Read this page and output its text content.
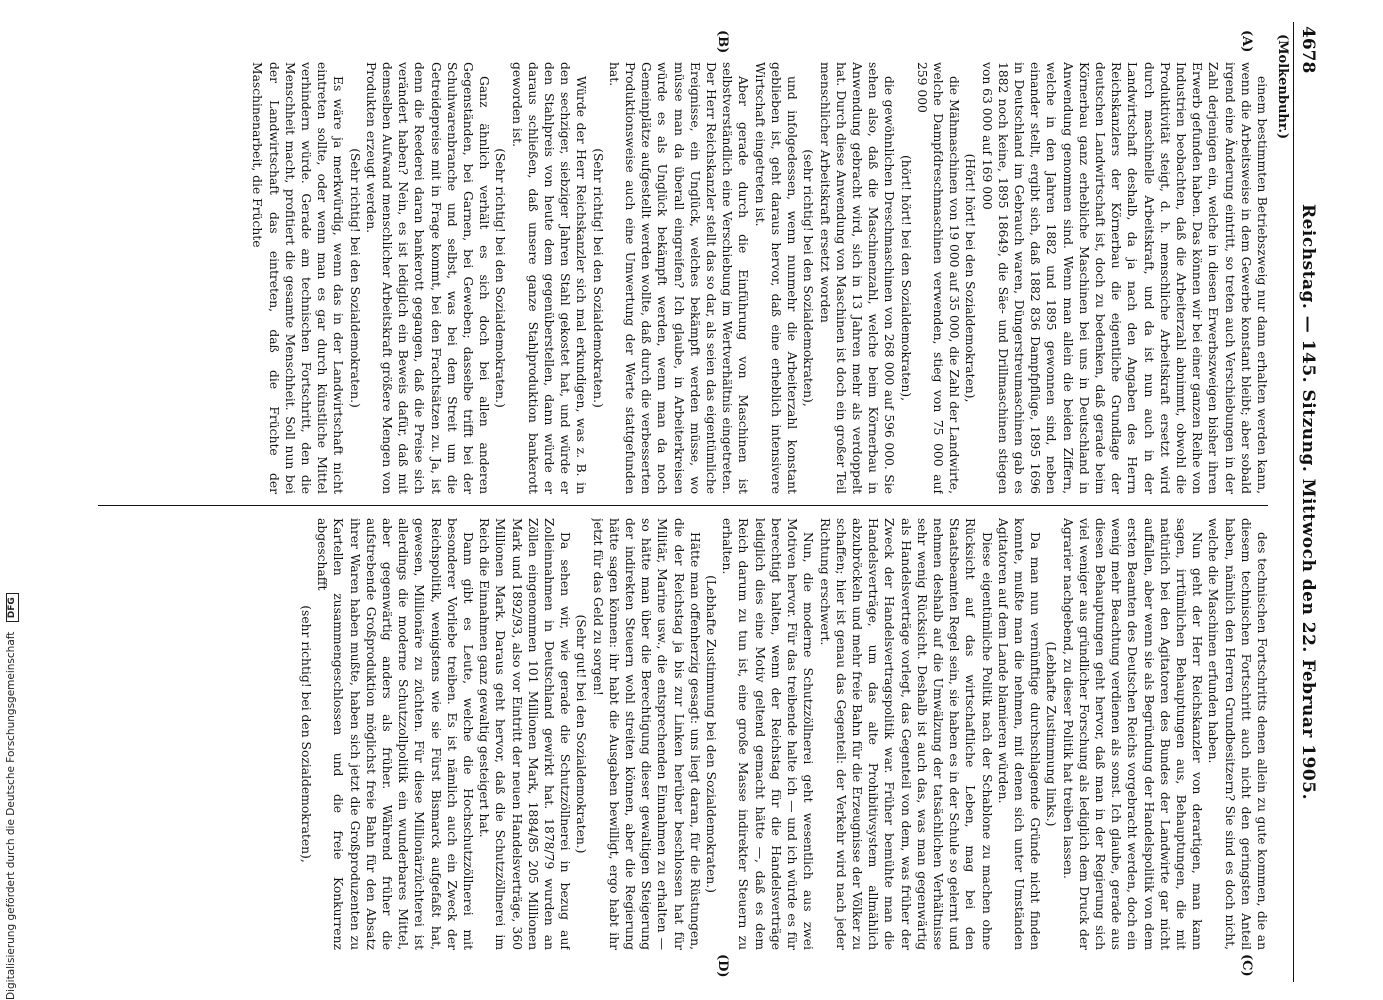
4678
Reichstag. — 145. Sitzung. Mittwoch den 22. Februar 1905.
(Molkenbuhr.)
(A)
(B)
(C)
(D)

einem bestimmten Betriebszweig nur dann erhalten werden kann, wenn die Arbeitsweise in dem Gewerbe konstant bleibt; aber sobald irgend eine Änderung eintritt, so treten auch Verschiebungen in der Zahl derjenigen ein, welche in diesen Erwerbszweigen bisher ihren Erwerb gefunden haben. Das können wir bei einer ganzen Reihe von Industrien beobachten, daß die Arbeiterzahl abnimmt, obwohl die Produktivität steigt, d. h. menschliche Arbeitskraft ersetzt wird durch maschinelle Arbeitskraft, und da ist nun auch in der Landwirtschaft deshalb, da ja nach den Angaben des Herrn Reichskanzlers der Körnerbau die eigentliche Grundlage der deutschen Landwirtschaft ist, doch zu bedenken, daß gerade beim Körnerbau ganz erhebliche Maschinen bei uns in Deutschland in Anwendung genommen sind. Wenn man allein die beiden Ziffern, welche in den Jahren 1882 und 1895 gewonnen sind, neben einander stellt, ergibt sich, daß 1882 836 Dampfpflüge, 1895 1696 in Deutschland im Gebrauch waren, Düngerstreumaschinen gab es 1882 noch keine, 1895 18649, die Säe- und Drillmaschinen stiegen von 63 000 auf 169 000

(Hört! hört! bei den Sozialdemokraten),

die Mähmaschinen von 19 000 auf 35 000, die Zahl der Landwirte, welche Dampfdreschmaschinen verwenden, stieg von 75 000 auf 259 000

(hört! hört! bei den Sozialdemokraten),

die gewöhnlichen Dreschmaschinen von 268 000 auf 596 000. Sie sehen also, daß die Maschinenzahl, welche beim Körnerbau in Anwendung gebracht wird, sich in 13 Jahren mehr als verdoppelt hat. Durch diese Anwendung von Maschinen ist doch ein großer Teil menschlicher Arbeitskraft ersetzt worden

(sehr richtig! bei den Sozialdemokraten),

und infolgedessen, wenn nunmehr die Arbeiterzahl konstant geblieben ist, geht daraus hervor, daß eine erheblich intensivere Wirtschaft eingetreten ist.

Aber gerade durch die Einführung von Maschinen ist selbstverständlich eine Verschiebung im Wertverhältnis eingetreten. Der Herr Reichskanzler stellt das so dar, als seien das eigentümliche Ereignisse, ein Unglück, welches bekämpft werden müsse, wo müsse man da überall eingreifen? Ich glaube, in Arbeiterkreisen würde es als Unglück bekämpft werden, wenn man da noch Gemeinplätze aufgestellt werden wollte, daß durch die verbesserten Produktionsweise auch eine Umwertung der Werte stattgefunden hat.

(Sehr richtig! bei den Sozialdemokraten.)

Würde der Herr Reichskanzler sich mal erkundigen, was z. B. in den sechziger, siebziger Jahren Stahl gekostet hat, und würde er den Stahlpreis von heute dem gegenüberstellen, dann würde er daraus schließen, daß unsere ganze Stahlproduktion bankerott geworden ist.

(Sehr richtig! bei den Sozialdemokraten.)

Ganz ähnlich verhält es sich doch bei allen anderen Gegenständen, bei Garnen, bei Geweben; dasselbe trifft bei der Schuhwarenbranche und selbst, was bei dem Streit um die Getreidepreise mit in Frage kommt, bei den Frachtsätzen zu. Ja, ist denn die Reederei daran bankerott gegangen, daß die Preise sich verändert haben? Nein, es ist lediglich ein Beweis dafür, daß mit demselben Aufwand menschlicher Arbeitskraft größere Mengen von Produkten erzeugt werden.

(Sehr richtig! bei den Sozialdemokraten.)

Es wäre ja merkwürdig, wenn das in der Landwirtschaft nicht eintreten sollte, oder wenn man es gar durch künstliche Mittel verhindern würde. Gerade am technischen Fortschritt, den die Menschheit macht, profitiert die gesamte Menschheit. Soll nun bei der Landwirtschaft das eintreten, daß die Früchte der Maschinenarbeit, die Früchte

des technischen Fortschritts denen allein zu gute kommen, die an diesem technischen Fortschritt auch nicht den geringsten Anteil haben, nämlich den Herren Grundbesitzern? Sie sind es doch nicht, welche die Maschinen erfunden haben.

Nun geht der Herr Reichskanzler von derartigen, man kann sagen, irrtümlichen Behauptungen aus, Behauptungen, die mit natürlich bei den Agitatoren des Bundes der Landwirte gar nicht auffallen, aber wenn sie als Begründung der Handelspolitik von dem ersten Beamten des Deutschen Reichs vorgebracht werden, doch ein wenig mehr Beachtung verdienen als sonst. Ich glaube, gerade aus diesen Behauptungen geht hervor, daß man in der Regierung sich viel weniger aus gründlicher Forschung als lediglich dem Druck der Agrarier nachgebend, zu dieser Politik hat treiben lassen.

(Lebhafte Zustimmung links.)

Da man nun vernünftige durchschlagende Gründe nicht finden konnte, mußte man die nehmen, mit denen sich unter Umständen Agitatoren auf dem Lande blamieren würden.

Diese eigentümliche Politik nach der Schablone zu machen ohne Rücksicht auf das wirtschaftliche Leben, mag bei den Staatsbeamten Regel sein, sie haben es in der Schule so gelernt und nehmen deshalb auf die Umwälzung der tatsächlichen Verhältnisse sehr wenig Rücksicht. Deshalb ist auch das, was man gegenwärtig als Handelsverträge vorlegt, das Gegenteil von dem, was früher der Zweck der Handelsvertragspolitik war. Früher bemühte man die Handelsverträge, um das alte Prohibitivsystem allmählich abzubröckeln und mehr freie Bahn für die Erzeugnisse der Völker zu schaffen; hier ist genau das Gegenteil: der Verkehr wird nach jeder Richtung erschwert.

Nun, die moderne Schutzzöllnerei geht wesentlich aus zwei Motiven hervor. Für das treibende halte ich — und ich würde es für berechtigt halten, wenn der Reichstag für die Handelsverträge lediglich dies eine Motiv geltend gemacht hätte —, daß es dem Reich darum zu tun ist, eine große Masse indirekter Steuern zu erhalten.

(Lebhafte Zustimmung bei den Sozialdemokraten.)

Hätte man offenherzig gesagt: uns liegt daran, für die Rüstungen, die der Reichstag ja bis zur Linken herüber beschlossen hat für Militär, Marine usw., die entsprechenden Einnahmen zu erhalten — so hätte man über die Berechtigung dieser gewaltigen Steigerung der indirekten Steuern wohl streiten können, aber die Regierung hätte sagen können: ihr habt die Ausgaben bewilligt, ergo habt ihr jetzt für das Geld zu sorgen!

(Sehr gut! bei den Sozialdemokraten.)

Da sehen wir, wie gerade die Schutzzöllnerei in bezug auf Zolleinnahmen in Deutschland gewirkt hat. 1878/79 wurden an Zöllen eingenommen 101 Millionen Mark, 1884/85 205 Millionen Mark und 1892/93, also vor Eintritt der neuen Handelsverträge, 360 Millionen Mark. Daraus geht hervor, daß die Schutzzöllnerei im Reich die Einnahmen ganz gewaltig gesteigert hat.

Dann gibt es Leute, welche die Hochschutzzöllnerei mit besonderer Vorliebe treiben. Es ist nämlich auch ein Zweck der Reichspolitik, wenigstens wie sie Fürst Bismarck aufgefaßt hat, gewesen, Millionäre zu züchten. Für diese Millionärzüchterei ist allerdings die moderne Schutzzollpolitik ein wunderbares Mittel, aber gegenwärtig anders als früher. Während früher die aufstrebende Großproduktion möglichst freie Bahn für den Absatz ihrer Waren haben mußte, haben sich jetzt die Großproduzenten zu Kartellen zusammengeschlossen und die freie Konkurrenz abgeschafft

(sehr richtig! bei den Sozialdemokraten),

Digitalisierung gefördert durch die Deutsche Forschungsgemeinschaft DFG
